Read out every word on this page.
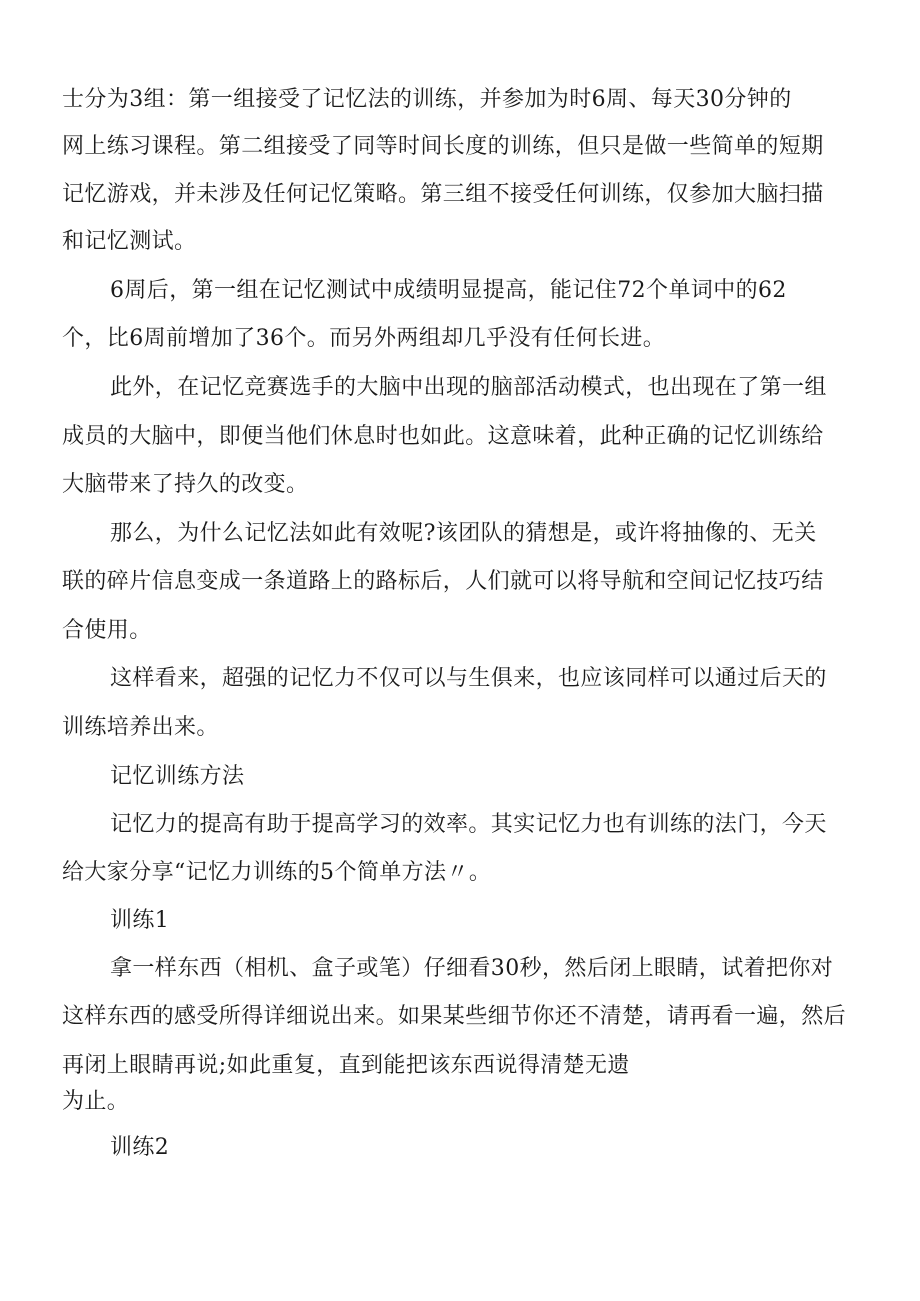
士分为3组：第一组接受了记忆法的训练，并参加为时6周、每天30分钟的
网上练习课程。第二组接受了同等时间长度的训练，但只是做一些简单的短期
记忆游戏，并未涉及任何记忆策略。第三组不接受任何训练，仅参加大脑扫描
和记忆测试。
6周后，第一组在记忆测试中成绩明显提高，能记住72个单词中的62
个，比6周前增加了36个。而另外两组却几乎没有任何长进。
此外，在记忆竞赛选手的大脑中出现的脑部活动模式，也出现在了第一组
成员的大脑中，即便当他们休息时也如此。这意味着，此种正确的记忆训练给
大脑带来了持久的改变。
那么，为什么记忆法如此有效呢?该团队的猜想是，或许将抽像的、无关
联的碎片信息变成一条道路上的路标后，人们就可以将导航和空间记忆技巧结
合使用。
这样看来，超强的记忆力不仅可以与生俱来，也应该同样可以通过后天的
训练培养出来。
记忆训练方法
记忆力的提高有助于提高学习的效率。其实记忆力也有训练的法门，今天
给大家分享“记忆力训练的5个简单方法〃。
训练1
拿一样东西（相机、盒子或笔）仔细看30秒，然后闭上眼睛，试着把你对
这样东西的感受所得详细说出来。如果某些细节你还不清楚，请再看一遍，然后
再闭上眼睛再说;如此重复，直到能把该东西说得清楚无遗
为止。
训练2
